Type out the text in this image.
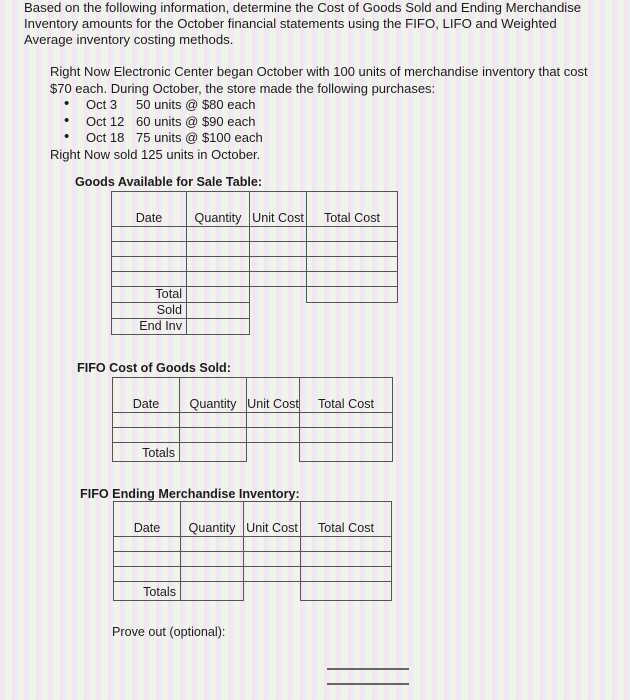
Based on the following information, determine the Cost of Goods Sold and Ending Merchandise
Inventory amounts for the October financial statements using the FIFO, LIFO and Weighted
Average inventory costing methods.
Right Now Electronic Center began October with 100 units of merchandise inventory that cost
$70 each. During October, the store made the following purchases:
• Oct 3 50 units @ $80 each
• Oct 12 60 units @ $90 each
• Oct 18 75 units @ $100 each
Right Now sold 125 units in October.
Goods Available for Sale Table:
Date	Quantity	Unit Cost	Total Cost

Total			
Sold			
End Inv			
FIFO Cost of Goods Sold:
Date	Quantity	Unit Cost	Total Cost

Totals			
FIFO Ending Merchandise Inventory:
Date	Quantity	Unit Cost	Total Cost

Totals			
Prove out (optional):
